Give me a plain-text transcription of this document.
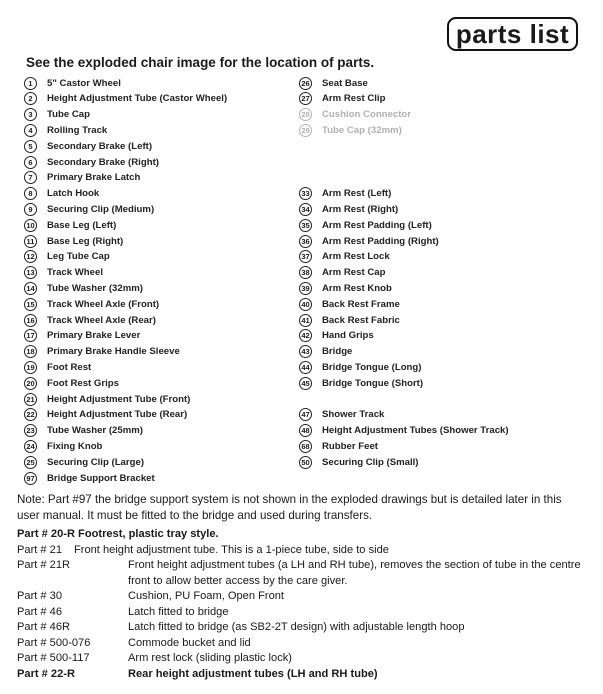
parts list
See the exploded chair image for the location of parts.
1	5" Castor Wheel
2	Height Adjustment Tube (Castor Wheel)
3	Tube Cap
4	Rolling Track
5	Secondary Brake (Left)
6	Secondary Brake (Right)
7	Primary Brake Latch
8	Latch Hook
9	Securing Clip (Medium)
10 Base Leg (Left)
11 Base Leg (Right)
12 Leg Tube Cap
13 Track Wheel
14 Tube Washer (32mm)
15 Track Wheel Axle (Front)
16 Track Wheel Axle (Rear)
17 Primary Brake Lever
18 Primary Brake Handle Sleeve
19 Foot Rest
20 Foot Rest Grips
21 Height Adjustment Tube (Front)
22 Height Adjustment Tube (Rear)
23 Tube Washer (25mm)
24 Fixing Knob
25 Securing Clip (Large)
97 Bridge Support Bracket
26 Seat Base
27 Arm Rest Clip
28 Cushion Connector
29 Tube Cap (32mm)
33 Arm Rest (Left)
34 Arm Rest (Right)
35 Arm Rest Padding (Left)
36 Arm Rest Padding (Right)
37 Arm Rest Lock
38 Arm Rest Cap
39 Arm Rest Knob
40 Back Rest Frame
41 Back Rest Fabric
42 Hand Grips
43 Bridge
44 Bridge Tongue (Long)
45 Bridge Tongue (Short)
47 Shower Track
48 Height Adjustment Tubes (Shower Track)
68 Rubber Feet
50 Securing Clip (Small)
Note: Part #97 the bridge support system is not shown in the exploded drawings but is detailed later in this user manual. It must be fitted to the bridge and used during transfers.
Part # 20-R Footrest, plastic tray style.
Part # 21	Front height adjustment tube. This is a 1-piece tube, side to side
Part # 21R	Front height adjustment tubes (a LH and RH tube), removes the section of tube in the centre front to allow better access by the care giver.
Part # 30	Cushion, PU Foam, Open Front
Part # 46	Latch fitted to bridge
Part # 46R	Latch fitted to bridge (as SB2-2T design) with adjustable length hoop
Part # 500-076	Commode bucket and lid
Part # 500-117	Arm rest lock (sliding plastic lock)
Part # 22-R	Rear height adjustment tubes (LH and RH tube)
